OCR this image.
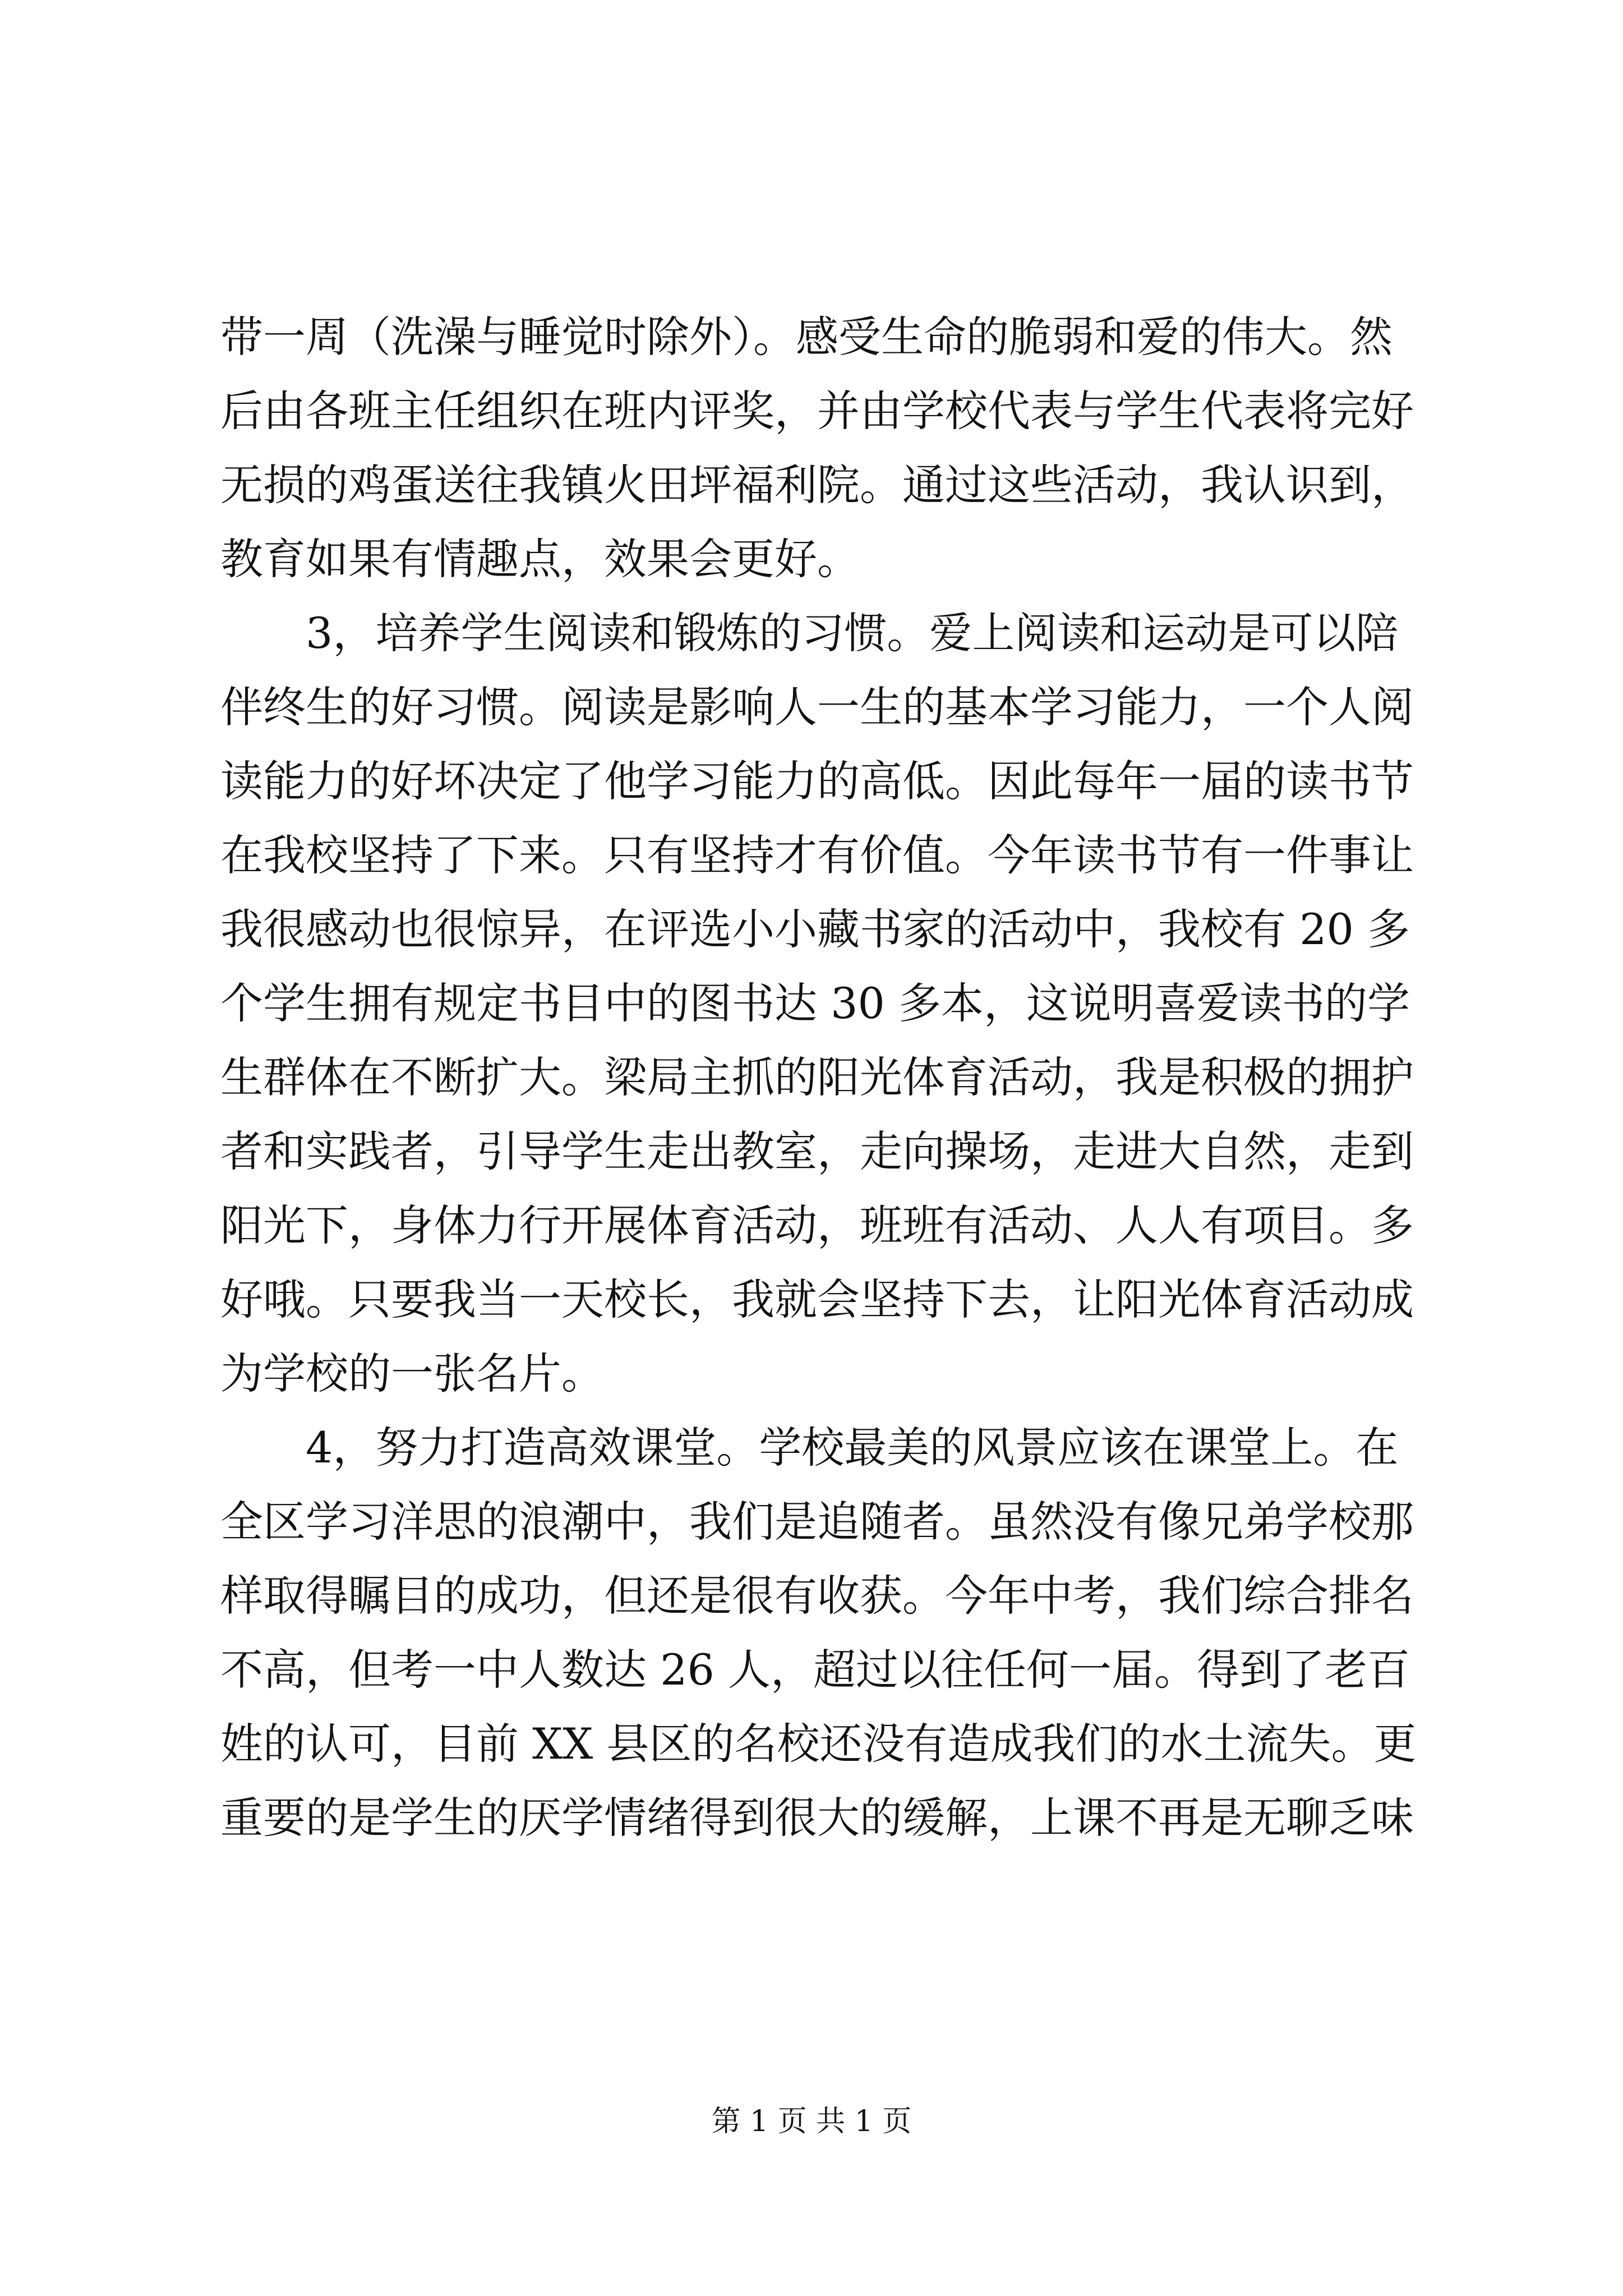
带一周（洗澡与睡觉时除外）。感受生命的脆弱和爱的伟大。然
后由各班主任组织在班内评奖，并由学校代表与学生代表将完好
无损的鸡蛋送往我镇火田坪福利院。通过这些活动，我认识到，
教育如果有情趣点，效果会更好。
　　3，培养学生阅读和锻炼的习惯。爱上阅读和运动是可以陪
伴终生的好习惯。阅读是影响人一生的基本学习能力，一个人阅
读能力的好坏决定了他学习能力的高低。因此每年一届的读书节
在我校坚持了下来。只有坚持才有价值。今年读书节有一件事让
我很感动也很惊异，在评选小小藏书家的活动中，我校有 20 多
个学生拥有规定书目中的图书达 30 多本，这说明喜爱读书的学
生群体在不断扩大。梁局主抓的阳光体育活动，我是积极的拥护
者和实践者，引导学生走出教室，走向操场，走进大自然，走到
阳光下，身体力行开展体育活动，班班有活动、人人有项目。多
好哦。只要我当一天校长，我就会坚持下去，让阳光体育活动成
为学校的一张名片。
　　4，努力打造高效课堂。学校最美的风景应该在课堂上。在
全区学习洋思的浪潮中，我们是追随者。虽然没有像兄弟学校那
样取得瞩目的成功，但还是很有收获。今年中考，我们综合排名
不高，但考一中人数达 26 人，超过以往任何一届。得到了老百
姓的认可，目前 XX 县区的名校还没有造成我们的水土流失。更
重要的是学生的厌学情绪得到很大的缓解，上课不再是无聊乏味
第 1 页 共 1 页
